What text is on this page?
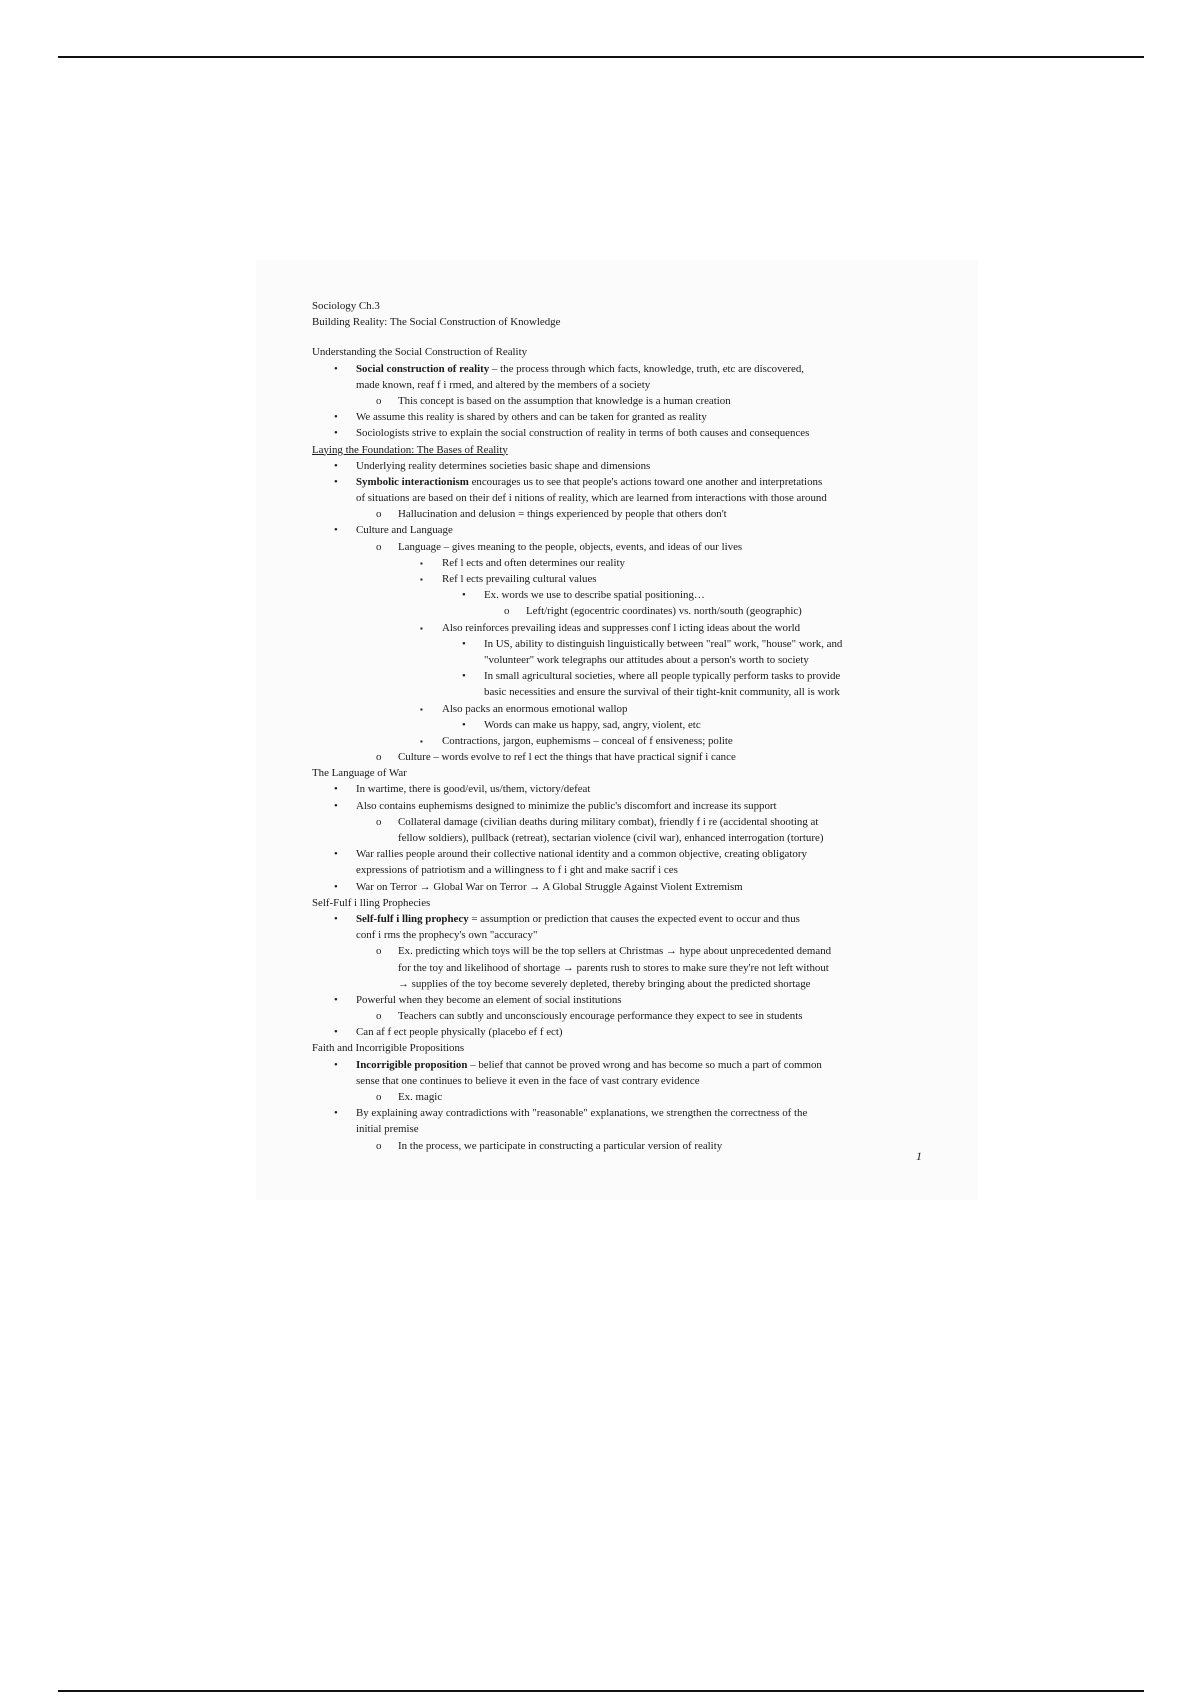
Sociology Ch.3
Building Reality: The Social Construction of Knowledge
Understanding the Social Construction of Reality
• Social construction of reality – the process through which facts, knowledge, truth, etc are discovered,
made known, reaf f i rmed, and altered by the members of a society
o This concept is based on the assumption that knowledge is a human creation
• We assume this reality is shared by others and can be taken for granted as reality
• Sociologists strive to explain the social construction of reality in terms of both causes and consequences
Laying the Foundation: The Bases of Reality
• Underlying reality determines societies basic shape and dimensions
• Symbolic interactionism encourages us to see that people's actions toward one another and interpretations
of situations are based on their def i nitions of reality, which are learned from interactions with those around
o Hallucination and delusion = things experienced by people that others don't
• Culture and Language
o Language – gives meaning to the people, objects, events, and ideas of our lives
▪ Ref l ects and often determines our reality
▪ Ref l ects prevailing cultural values
• Ex. words we use to describe spatial positioning…
o Left/right (egocentric coordinates) vs. north/south (geographic)
▪ Also reinforces prevailing ideas and suppresses conf l icting ideas about the world
• In US, ability to distinguish linguistically between "real" work, "house" work, and
"volunteer" work telegraphs our attitudes about a person's worth to society
• In small agricultural societies, where all people typically perform tasks to provide
basic necessities and ensure the survival of their tight-knit community, all is work
▪ Also packs an enormous emotional wallop
• Words can make us happy, sad, angry, violent, etc
▪ Contractions, jargon, euphemisms – conceal of f ensiveness; polite
o Culture – words evolve to ref l ect the things that have practical signif i cance
The Language of War
• In wartime, there is good/evil, us/them, victory/defeat
• Also contains euphemisms designed to minimize the public's discomfort and increase its support
o Collateral damage (civilian deaths during military combat), friendly f i re (accidental shooting at
fellow soldiers), pullback (retreat), sectarian violence (civil war), enhanced interrogation (torture)
• War rallies people around their collective national identity and a common objective, creating obligatory
expressions of patriotism and a willingness to f i ght and make sacrif i ces
• War on Terror → Global War on Terror → A Global Struggle Against Violent Extremism
Self-Fulf i lling Prophecies
• Self-fulf i lling prophecy = assumption or prediction that causes the expected event to occur and thus
conf i rms the prophecy's own "accuracy"
o Ex. predicting which toys will be the top sellers at Christmas → hype about unprecedented demand
for the toy and likelihood of shortage → parents rush to stores to make sure they're not left without
→ supplies of the toy become severely depleted, thereby bringing about the predicted shortage
• Powerful when they become an element of social institutions
o Teachers can subtly and unconsciously encourage performance they expect to see in students
• Can af f ect people physically (placebo ef f ect)
Faith and Incorrigible Propositions
• Incorrigible proposition – belief that cannot be proved wrong and has become so much a part of common
sense that one continues to believe it even in the face of vast contrary evidence
o Ex. magic
• By explaining away contradictions with "reasonable" explanations, we strengthen the correctness of the
initial premise
o In the process, we participate in constructing a particular version of reality
1
